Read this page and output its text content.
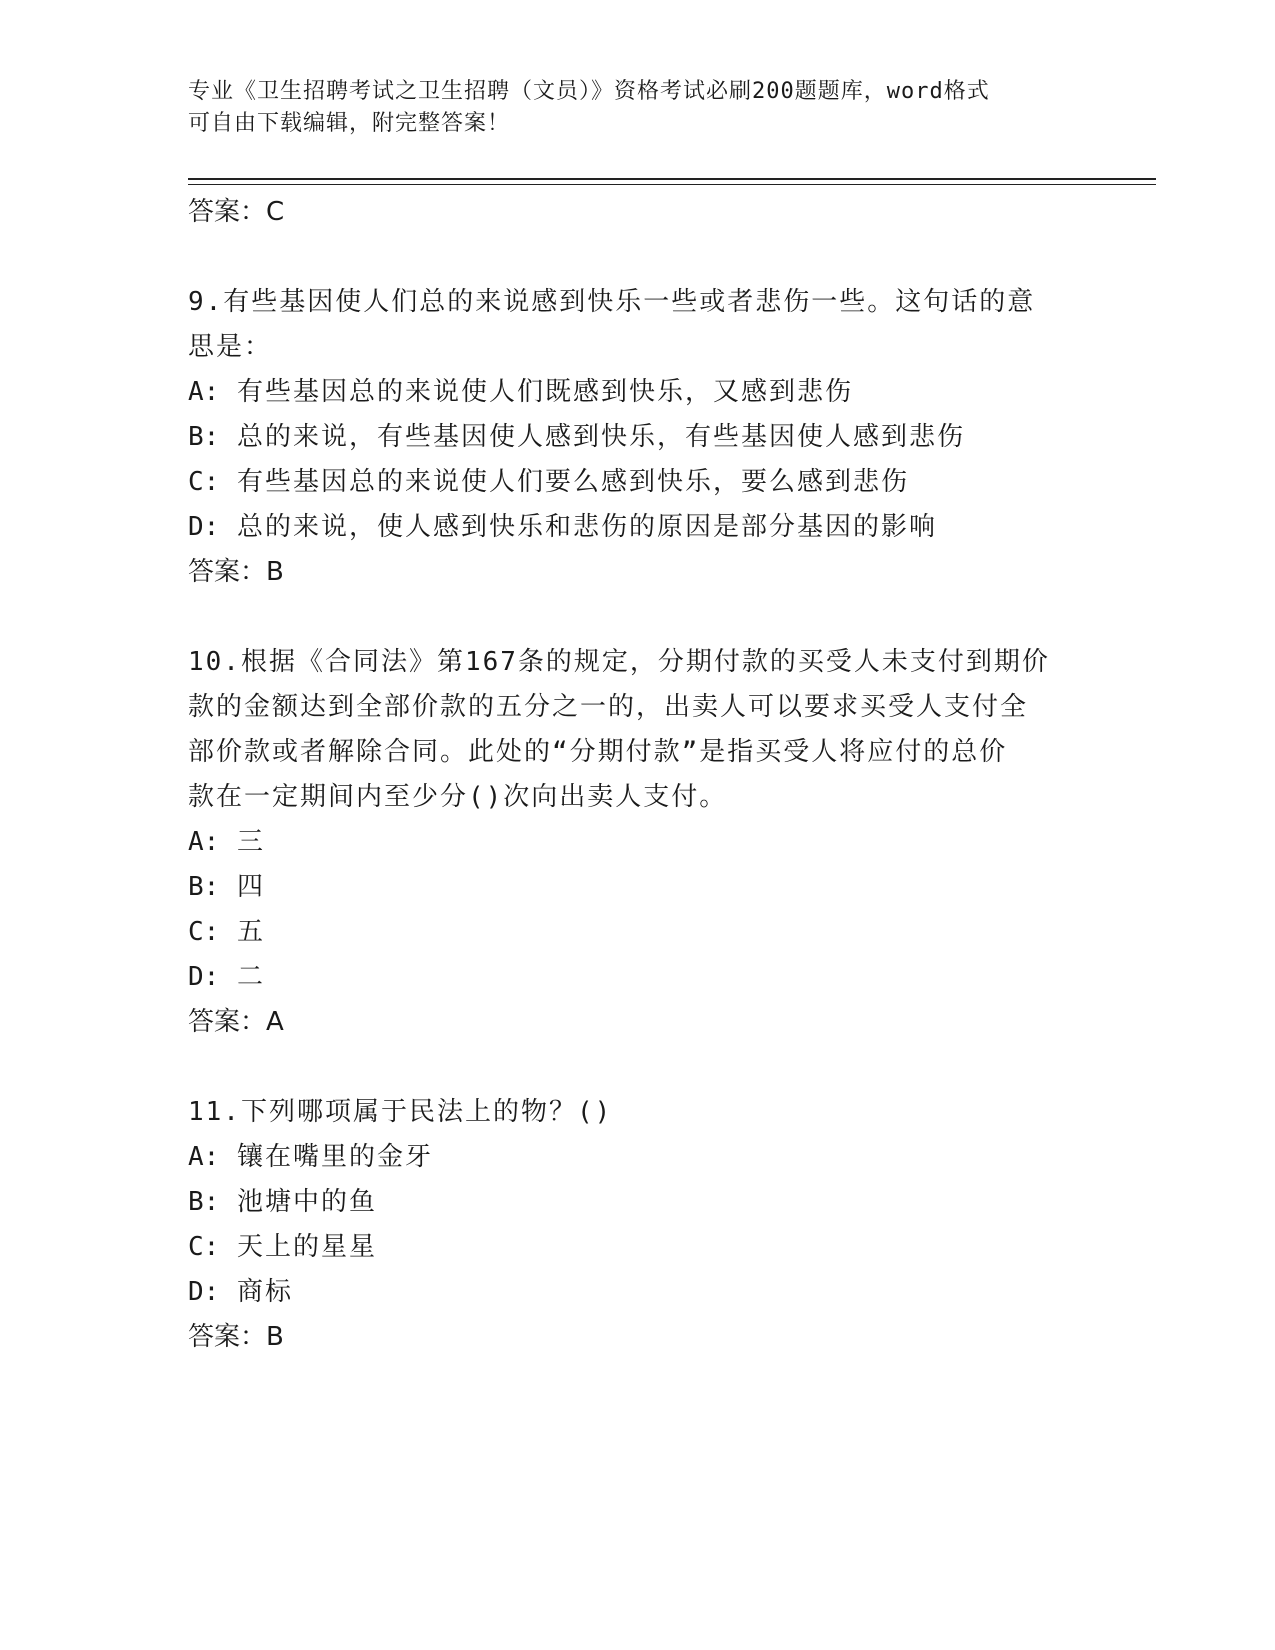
专业《卫生招聘考试之卫生招聘（文员）》资格考试必刷200题题库，word格式
可自由下载编辑，附完整答案！
答案：C
9.有些基因使人们总的来说感到快乐一些或者悲伤一些。这句话的意
思是：
A: 有些基因总的来说使人们既感到快乐，又感到悲伤
B: 总的来说，有些基因使人感到快乐，有些基因使人感到悲伤
C: 有些基因总的来说使人们要么感到快乐，要么感到悲伤
D: 总的来说，使人感到快乐和悲伤的原因是部分基因的影响
答案：B
10.根据《合同法》第167条的规定，分期付款的买受人未支付到期价
款的金额达到全部价款的五分之一的，出卖人可以要求买受人支付全
部价款或者解除合同。此处的“分期付款”是指买受人将应付的总价
款在一定期间内至少分()次向出卖人支付。
A: 三
B: 四
C: 五
D: 二
答案：A
11.下列哪项属于民法上的物？()
A: 镶在嘴里的金牙
B: 池塘中的鱼
C: 天上的星星
D: 商标
答案：B
